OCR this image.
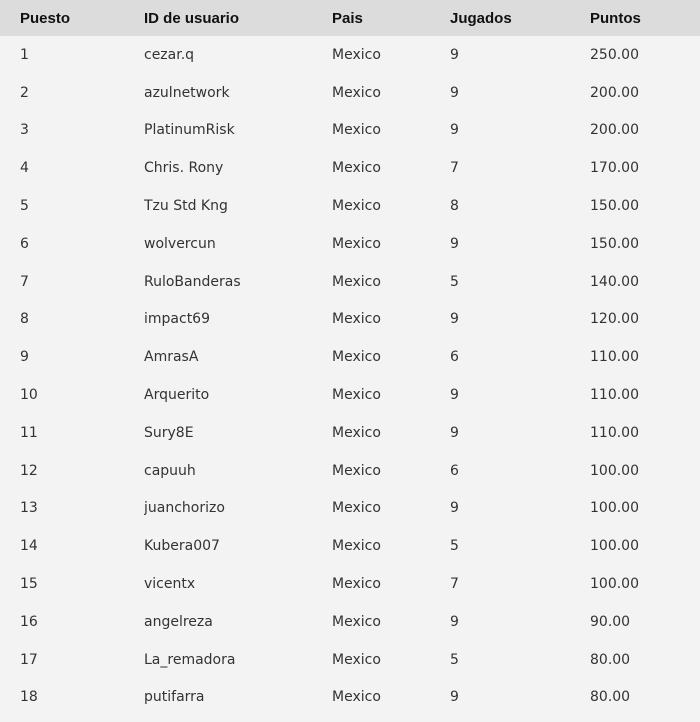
Puesto	ID de usuario	Pais	Jugados	Puntos
1	cezar.q	Mexico	9	250.00
2	azulnetwork	Mexico	9	200.00
3	PlatinumRisk	Mexico	9	200.00
4	Chris. Rony	Mexico	7	170.00
5	Tzu Std Kng	Mexico	8	150.00
6	wolvercun	Mexico	9	150.00
7	RuloBanderas	Mexico	5	140.00
8	impact69	Mexico	9	120.00
9	AmrasA	Mexico	6	110.00
10	Arquerito	Mexico	9	110.00
11	Sury8E	Mexico	9	110.00
12	capuuh	Mexico	6	100.00
13	juanchorizo	Mexico	9	100.00
14	Kubera007	Mexico	5	100.00
15	vicentx	Mexico	7	100.00
16	angelreza	Mexico	9	90.00
17	La_remadora	Mexico	5	80.00
18	putifarra	Mexico	9	80.00
